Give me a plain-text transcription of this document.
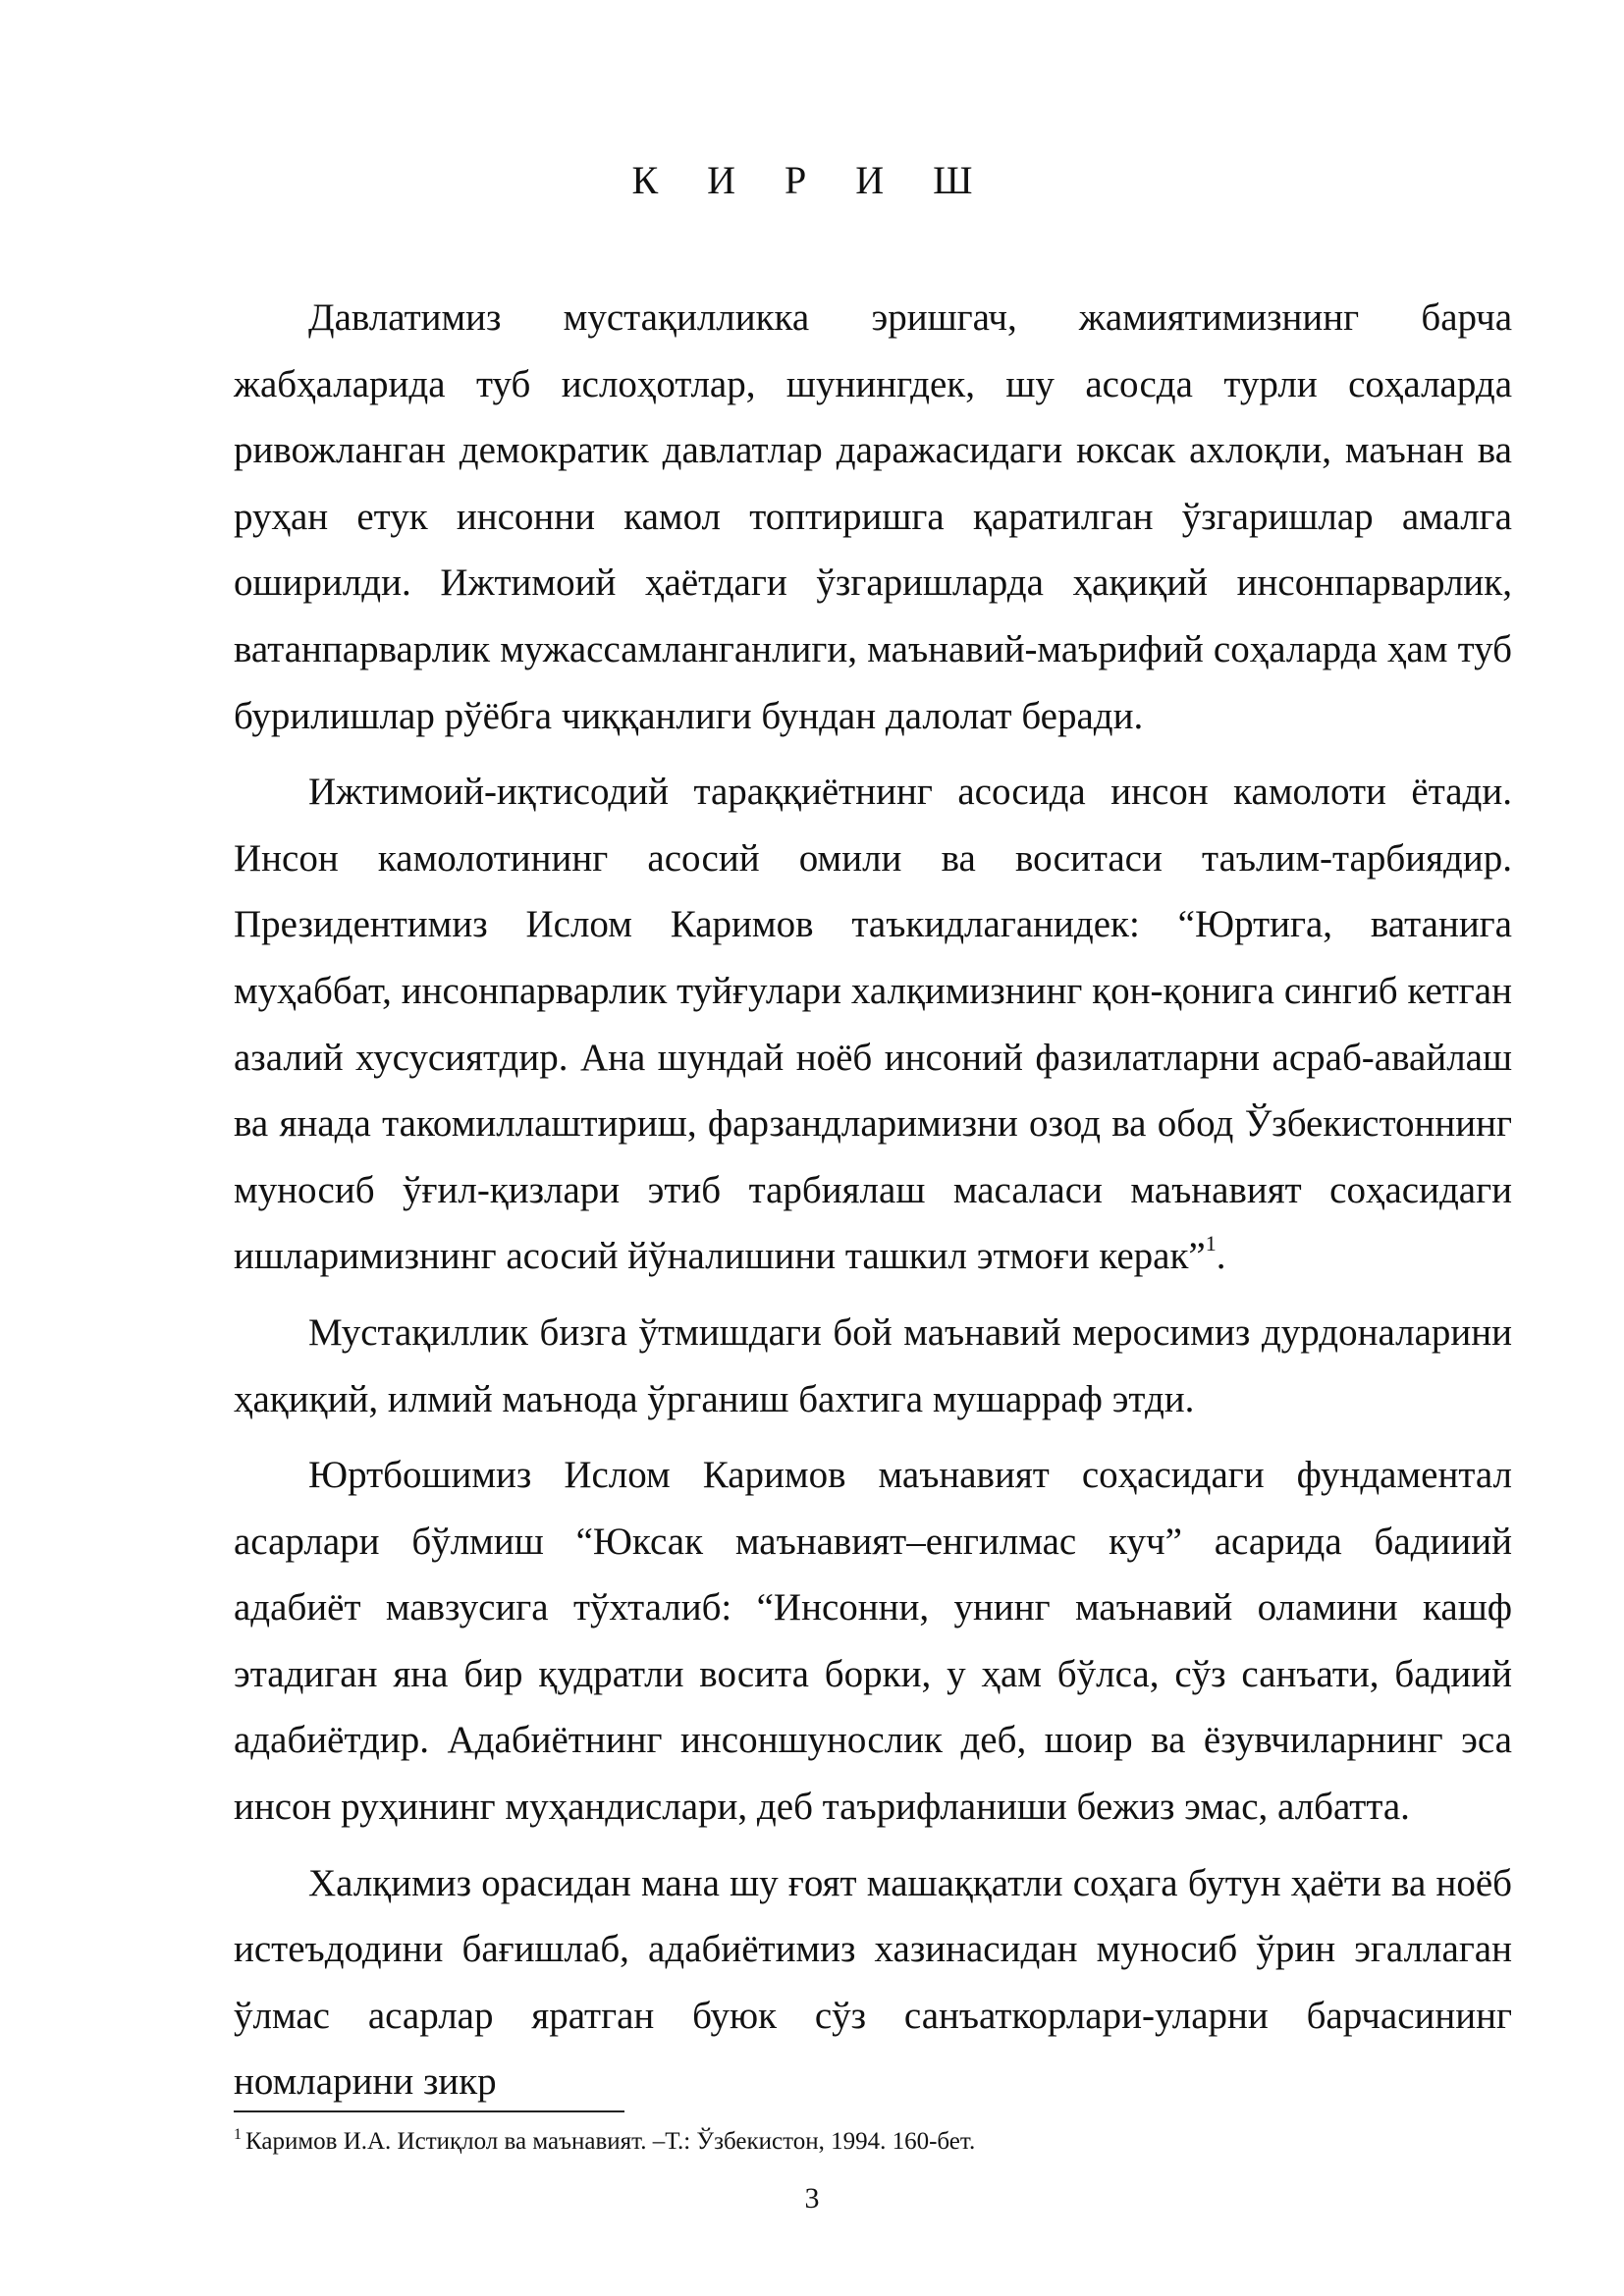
К И Р И Ш

Давлатимиз мустақилликка эришгач, жамиятимизнинг барча жабҳаларида туб ислоҳотлар, шунингдек, шу асосда турли соҳаларда ривожланган демократик давлатлар даражасидаги юксак ахлоқли, маънан ва руҳан етук инсонни камол топтиришга қаратилган ўзгаришлар амалга оширилди. Ижтимоий ҳаётдаги ўзгаришларда ҳақиқий инсонпарварлик, ватанпарварлик мужассамланганлиги, маънавий-маърифий соҳаларда ҳам туб бурилишлар рўёбга чиққанлиги бундан далолат беради.

Ижтимоий-иқтисодий тараққиётнинг асосида инсон камолоти ётади. Инсон камолотининг асосий омили ва воситаси таълим-тарбиядир. Президентимиз Ислом Каримов таъкидлаганидек: “Юртига, ватанига муҳаббат, инсонпарварлик туйғулари халқимизнинг қон-қонига сингиб кетган азалий хусусиятдир. Ана шундай ноёб инсоний фазилатларни асраб-авайлаш ва янада такомиллаштириш, фарзандларимизни озод ва обод Ўзбекистоннинг муносиб ўғил-қизлари этиб тарбиялаш масаласи маънавият соҳасидаги ишларимизнинг асосий йўналишини ташкил этмоғи керак”$^1$.

Мустақиллик бизга ўтмишдаги бой маънавий меросимиз дурдоналарини ҳақиқий, илмий маънода ўрганиш бахтига мушарраф этди.

Юртбошимиз Ислом Каримов маънавият соҳасидаги фундаментал асарлари бўлмиш “Юксак маънавият–енгилмас куч” асарида бадииий адабиёт мавзусига тўхталиб: “Инсонни, унинг маънавий оламини кашф этадиган яна бир қудратли восита борки, у ҳам бўлса, сўз санъати, бадиий адабиётдир. Адабиётнинг инсоншунослик деб, шоир ва ёзувчиларнинг эса инсон руҳининг муҳандислари, деб таърифланиши бежиз эмас, албатта.

Халқимиз орасидан мана шу ғоят машаққатли соҳага бутун ҳаёти ва ноёб истеъдодини бағишлаб, адабиётимиз хазинасидан муносиб ўрин эгаллаган ўлмас асарлар яратган буюк сўз санъаткорлари-уларни барчасининг номларини зикр

$^1$ Каримов И.А. Истиқлол ва маънавият. –Т.: Ўзбекистон, 1994. 160-бет.
3
